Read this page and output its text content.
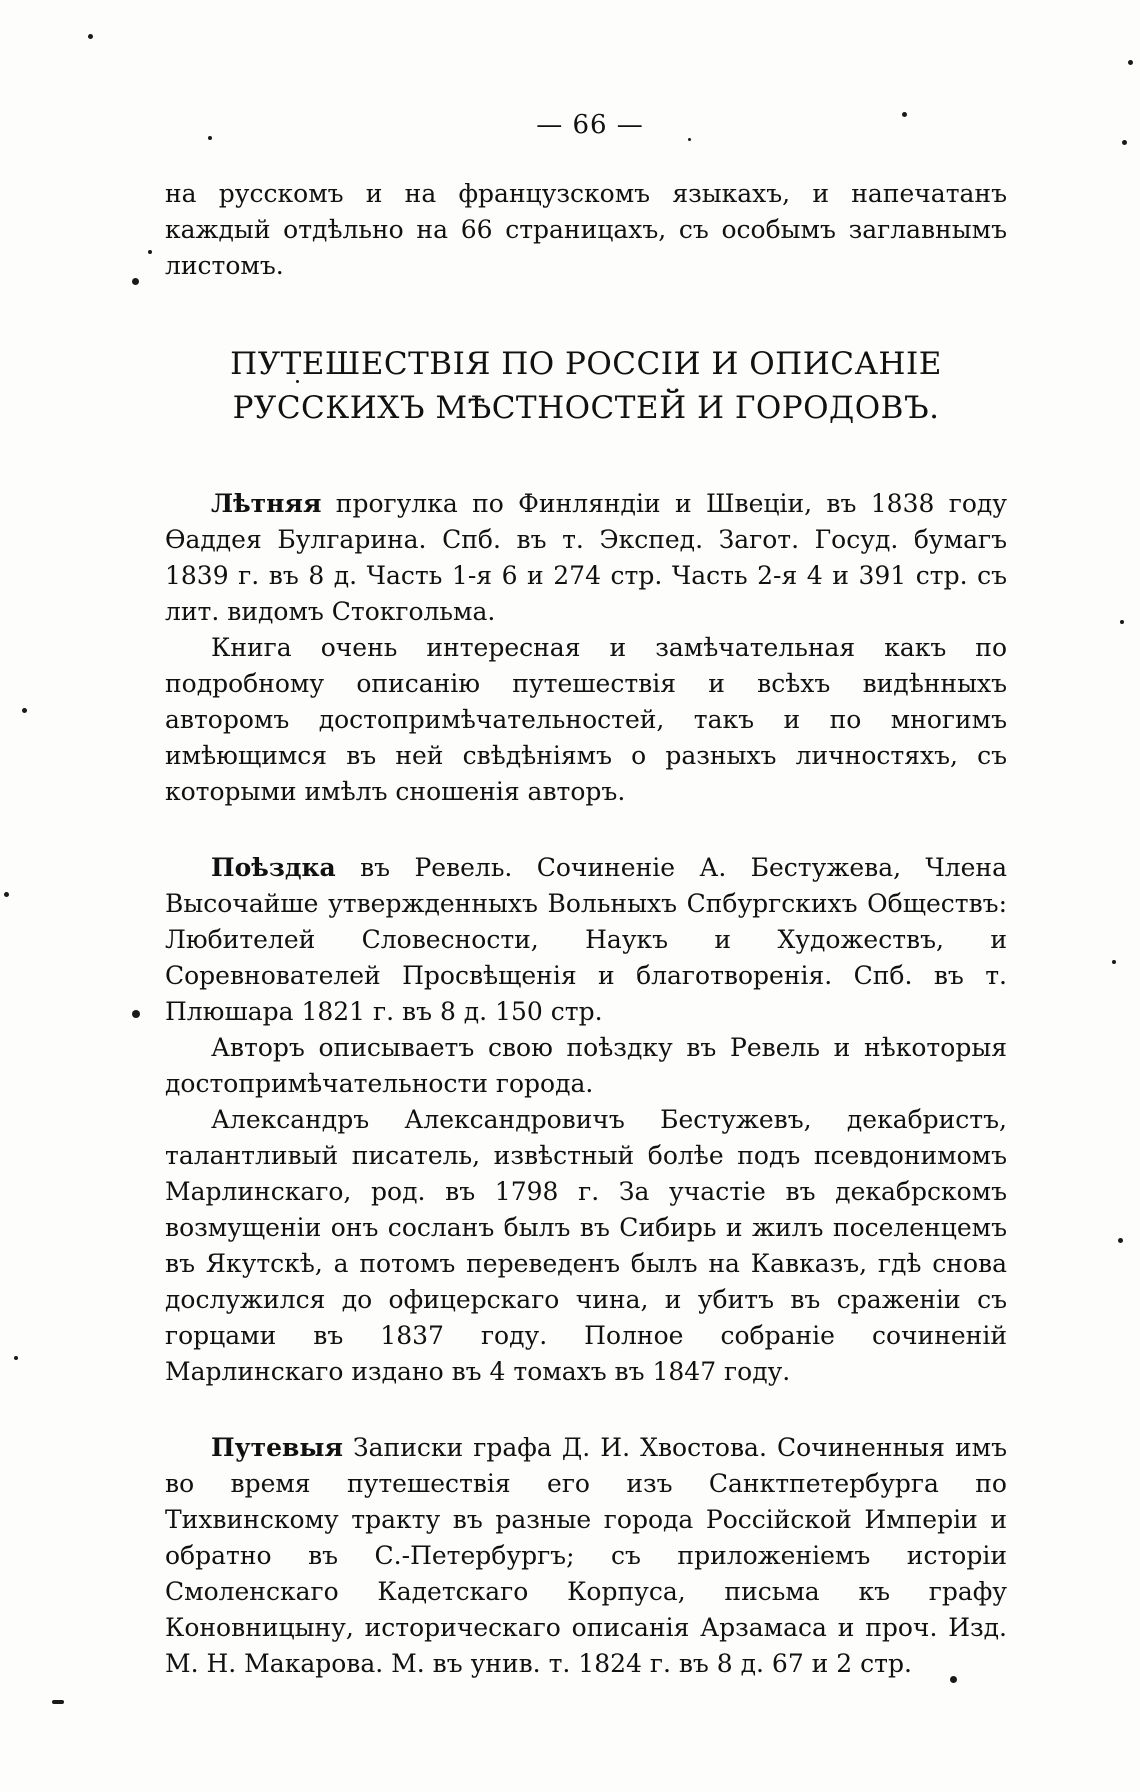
— 66 —

на русскомъ и на французскомъ языкахъ, и напечатанъ каждый отдѣльно на 66 страницахъ, съ особымъ заглавнымъ листомъ.

ПУТЕШЕСТВІЯ ПО РОССІИ И ОПИСАНІЕ РУССКИХЪ МѢСТНОСТЕЙ И ГОРОДОВЪ.

Лѣтняя прогулка по Финляндіи и Швеціи, въ 1838 году Ѳаддея Булгарина. Спб. въ т. Экспед. Загот. Госуд. бумагъ 1839 г. въ 8 д. Часть 1-я 6 и 274 стр. Часть 2-я 4 и 391 стр. съ лит. видомъ Стокгольма.

Книга очень интересная и замѣчательная какъ по подробному описанію путешествія и всѣхъ видѣнныхъ авторомъ достопримѣчательностей, такъ и по многимъ имѣющимся въ ней свѣдѣніямъ о разныхъ личностяхъ, съ которыми имѣлъ сношенія авторъ.

Поѣздка въ Ревель. Сочиненіе А. Бестужева, Члена Высочайше утвержденныхъ Вольныхъ Спбургскихъ Обществъ: Любителей Словесности, Наукъ и Художествъ, и Соревнователей Просвѣщенія и благотворенія. Спб. въ т. Плюшара 1821 г. въ 8 д. 150 стр.

Авторъ описываетъ свою поѣздку въ Ревель и нѣкоторыя достопримѣчательности города.

Александръ Александровичъ Бестужевъ, декабристъ, талантливый писатель, извѣстный болѣе подъ псевдонимомъ Марлинскаго, род. въ 1798 г. За участіе въ декабрскомъ возмущеніи онъ сосланъ былъ въ Сибирь и жилъ поселенцемъ въ Якутскѣ, а потомъ переведенъ былъ на Кавказъ, гдѣ снова дослужился до офицерскаго чина, и убитъ въ сраженіи съ горцами въ 1837 году. Полное собраніе сочиненій Марлинскаго издано въ 4 томахъ въ 1847 году.

Путевыя Записки графа Д. И. Хвостова. Сочиненныя имъ во время путешествія его изъ Санктпетербурга по Тихвинскому тракту въ разные города Россійской Имперіи и обратно въ С.-Петербургъ; съ приложеніемъ исторіи Смоленскаго Кадетскаго Корпуса, письма къ графу Коновницыну, историческаго описанія Арзамаса и проч. Изд. М. Н. Макарова. М. въ унив. т. 1824 г. въ 8 д. 67 и 2 стр.
